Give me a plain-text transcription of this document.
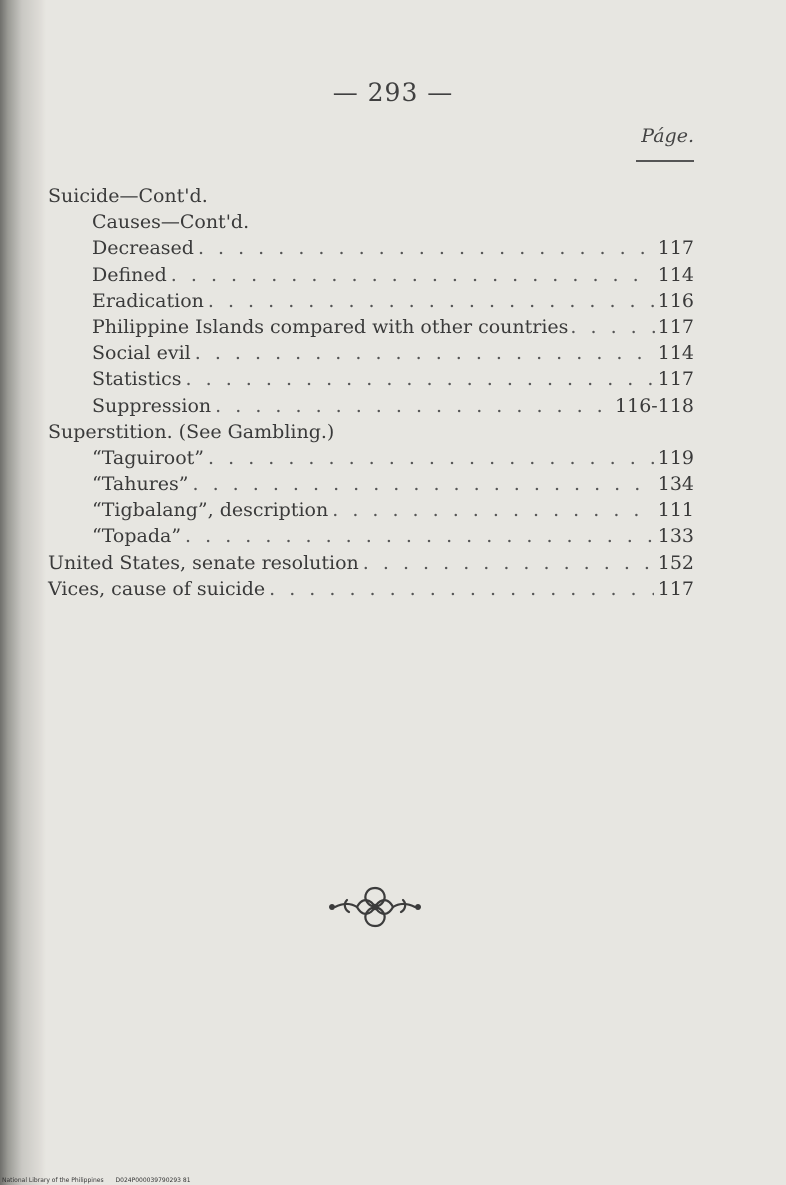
— 293 —
Páge.
Suicide—Cont'd.
Causes—Cont'd.
Decreased . . .	117
Defined . . .	114
Eradication . . .	116
Philippine Islands compared with other countries . . .	117
Social evil . . .	114
Statistics . . .	117
Suppression . . .	116-118
Superstition. (See Gambling.)
“Taguiroot” . . .	119
“Tahures” . . .	134
“Tigbalang”, description . . .	111
“Topada” . . .	133
United States, senate resolution . . .	152
Vices, cause of suicide . . .	117
National Library of the Philippines D024P000039790293 81
